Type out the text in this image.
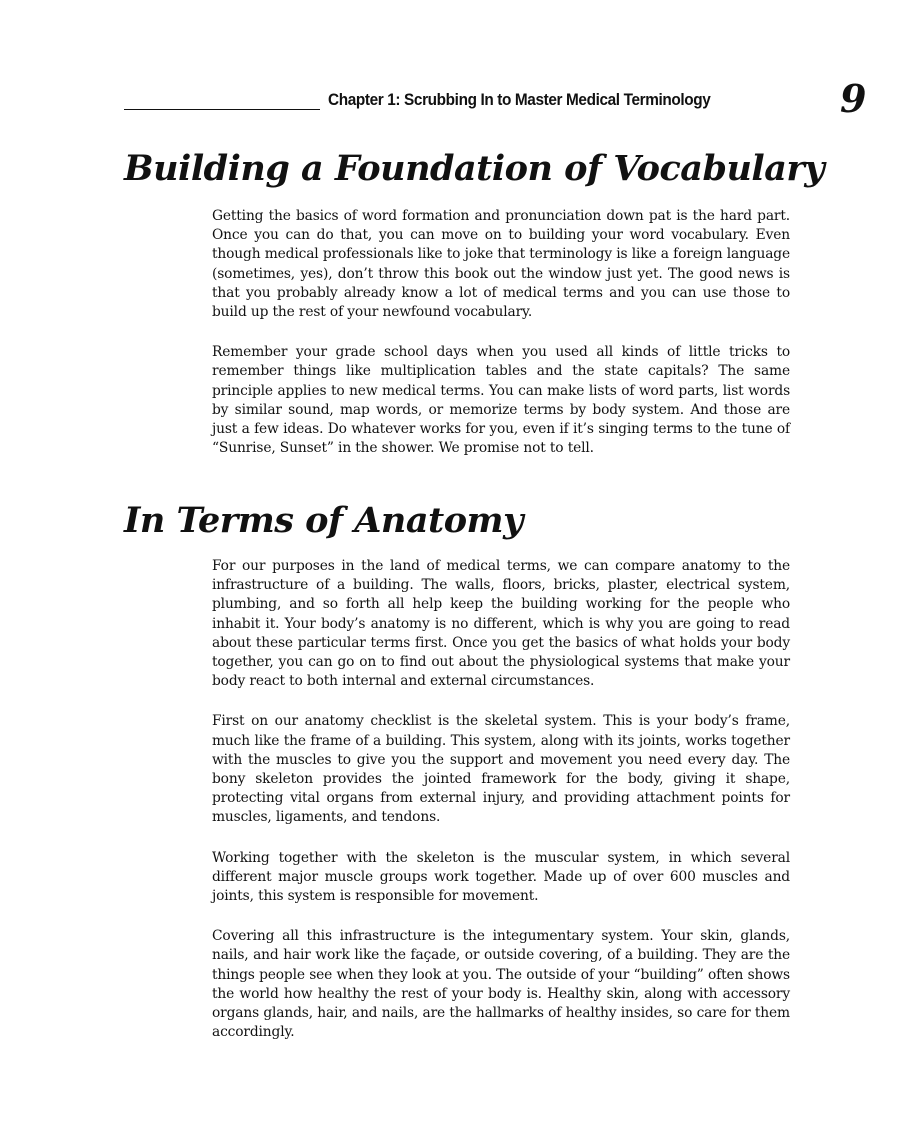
Chapter 1: Scrubbing In to Master Medical Terminology	9
Building a Foundation of Vocabulary

Getting the basics of word formation and pronunciation down pat is the hard part. Once you can do that, you can move on to building your word vocabulary. Even though medical professionals like to joke that terminology is like a foreign language (sometimes, yes), don’t throw this book out the window just yet. The good news is that you probably already know a lot of medical terms and you can use those to build up the rest of your newfound vocabulary.

Remember your grade school days when you used all kinds of little tricks to remember things like multiplication tables and the state capitals? The same principle applies to new medical terms. You can make lists of word parts, list words by similar sound, map words, or memorize terms by body system. And those are just a few ideas. Do whatever works for you, even if it’s singing terms to the tune of “Sunrise, Sunset” in the shower. We promise not to tell.

In Terms of Anatomy

For our purposes in the land of medical terms, we can compare anatomy to the infrastructure of a building. The walls, floors, bricks, plaster, electrical system, plumbing, and so forth all help keep the building working for the people who inhabit it. Your body’s anatomy is no different, which is why you are going to read about these particular terms first. Once you get the basics of what holds your body together, you can go on to find out about the physiological systems that make your body react to both internal and external circumstances.

First on our anatomy checklist is the skeletal system. This is your body’s frame, much like the frame of a building. This system, along with its joints, works together with the muscles to give you the support and movement you need every day. The bony skeleton provides the jointed framework for the body, giving it shape, protecting vital organs from external injury, and providing attachment points for muscles, ligaments, and tendons.

Working together with the skeleton is the muscular system, in which several different major muscle groups work together. Made up of over 600 muscles and joints, this system is responsible for movement.

Covering all this infrastructure is the integumentary system. Your skin, glands, nails, and hair work like the façade, or outside covering, of a building. They are the things people see when they look at you. The outside of your “building” often shows the world how healthy the rest of your body is. Healthy skin, along with accessory organs glands, hair, and nails, are the hallmarks of healthy insides, so care for them accordingly.
